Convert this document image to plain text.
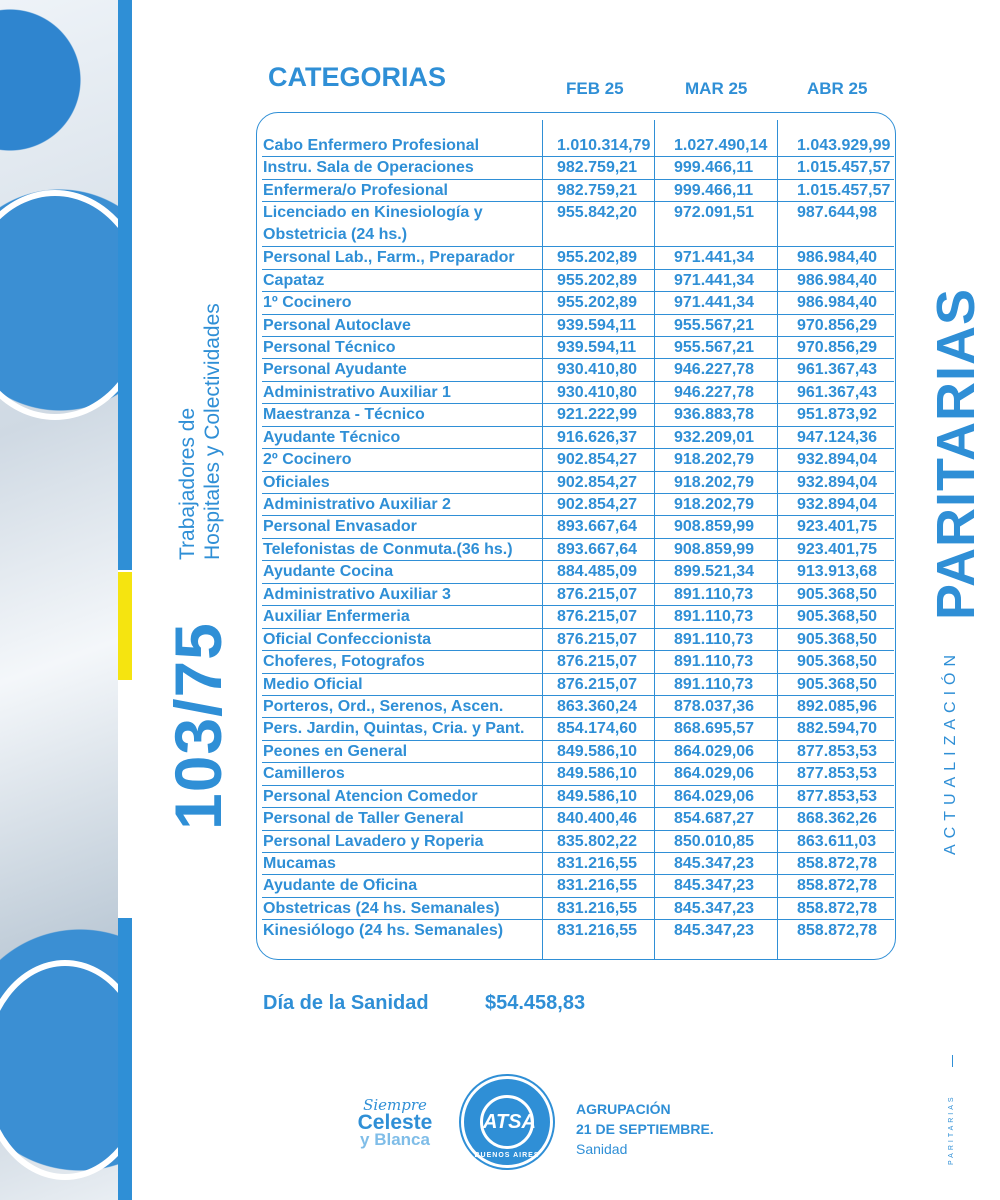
103/75
Trabajadores de Hospitales y Colectividades	PARITARIAS
ACTUALIZACIÓN
PARITARIAS
CATEGORIAS	FEB 25	MAR 25	ABR 25
Cabo Enfermero Profesional	1.010.314,79 1.027.490,14 1.043.929,99
Instru. Sala de Operaciones	982.759,21 999.466,11	1.015.457,57
Enfermera/o Profesional	982.759,21 999.466,11	1.015.457,57
Licenciado en Kinesiología y Obstetricia (24 hs.)
955.842,20 972.091,51	987.644,98
Personal Lab., Farm., Preparador	955.202,89 971.441,34	986.984,40
Capataz	955.202,89 971.441,34	986.984,40
1º Cocinero	955.202,89 971.441,34	986.984,40
Personal Autoclave	939.594,11 955.567,21	970.856,29
Personal Técnico	939.594,11 955.567,21	970.856,29
Personal Ayudante	930.410,80 946.227,78	961.367,43
Administrativo Auxiliar 1	930.410,80 946.227,78	961.367,43
Maestranza - Técnico	921.222,99 936.883,78	951.873,92
Ayudante Técnico	916.626,37 932.209,01	947.124,36
2º Cocinero	902.854,27 918.202,79	932.894,04
Oficiales	902.854,27 918.202,79	932.894,04
Administrativo Auxiliar 2	902.854,27 918.202,79	932.894,04
Personal Envasador	893.667,64 908.859,99	923.401,75
Telefonistas de Conmuta.(36 hs.)	893.667,64 908.859,99	923.401,75
Ayudante Cocina	884.485,09 899.521,34	913.913,68
Administrativo Auxiliar 3	876.215,07 891.110,73	905.368,50
Auxiliar Enfermeria	876.215,07 891.110,73	905.368,50
Oficial Confeccionista	876.215,07 891.110,73	905.368,50
Choferes, Fotografos	876.215,07 891.110,73	905.368,50
Medio Oficial	876.215,07 891.110,73	905.368,50
Porteros, Ord., Serenos, Ascen.	863.360,24 878.037,36	892.085,96
Pers. Jardin, Quintas, Cria. y Pant.	854.174,60 868.695,57	882.594,70
Peones en General	849.586,10 864.029,06	877.853,53
Camilleros	849.586,10 864.029,06	877.853,53
Personal Atencion Comedor	849.586,10 864.029,06	877.853,53
Personal de Taller General	840.400,46 854.687,27	868.362,26
Personal Lavadero y Roperia	835.802,22 850.010,85	863.611,03
Mucamas	831.216,55 845.347,23	858.872,78
Ayudante de Oficina	831.216,55 845.347,23	858.872,78
Obstetricas (24 hs. Semanales)	831.216,55 845.347,23	858.872,78
Kinesiólogo (24 hs. Semanales)	831.216,55 845.347,23	858.872,78
Día de la Sanidad	$54.458,83
Siempre
Celeste
y Blanca
ATSA
BUENOS AIRES
AGRUPACIÓN
21 DE SEPTIEMBRE.
Sanidad
